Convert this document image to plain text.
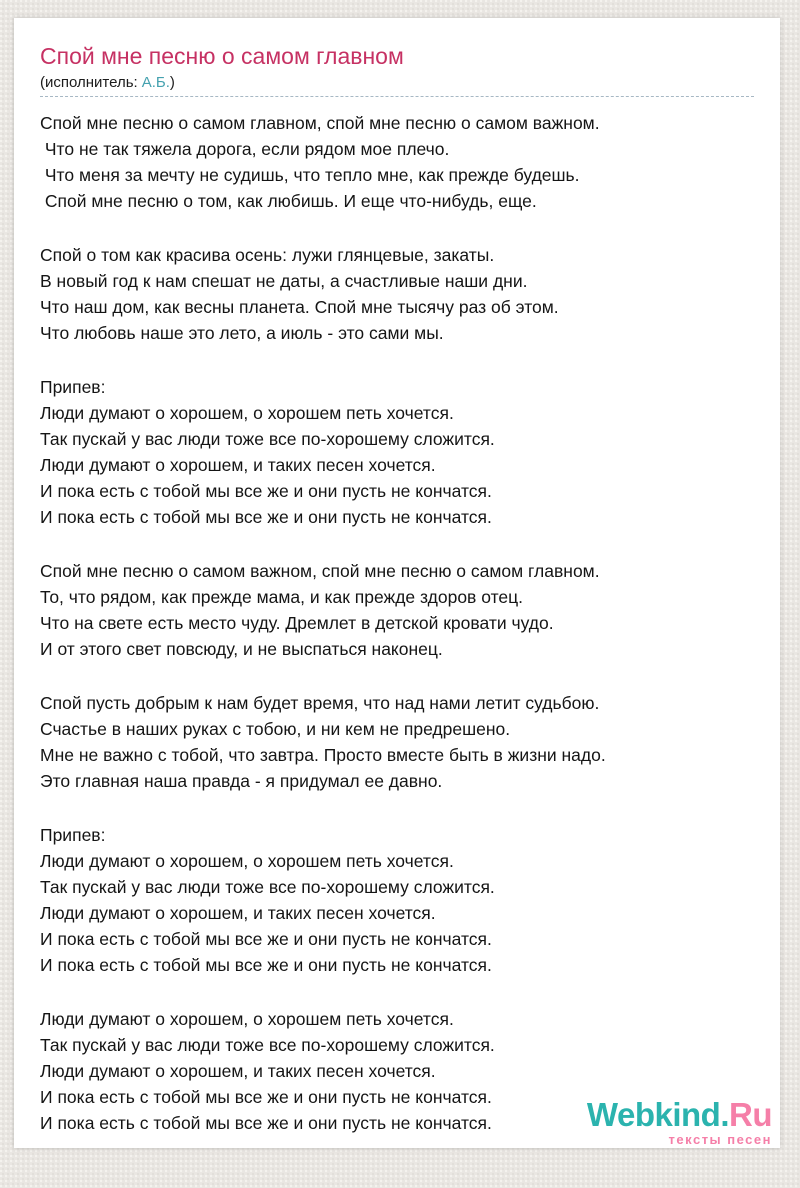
Спой мне песню о самом главном
(исполнитель: А.Б.)
Спой мне песню о самом главном, спой мне песню о самом важном.
Что не так тяжела дорога, если рядом мое плечо.
Что меня за мечту не судишь, что тепло мне, как прежде будешь.
Спой мне песню о том, как любишь. И еще что-нибудь, еще.
Спой о том как красива осень: лужи глянцевые, закаты.
В новый год к нам спешат не даты, а счастливые наши дни.
Что наш дом, как весны планета. Спой мне тысячу раз об этом.
Что любовь наше это лето, а июль - это сами мы.
Припев:
Люди думают о хорошем, о хорошем петь хочется.
Так пускай у вас люди тоже все по-хорошему сложится.
Люди думают о хорошем, и таких песен хочется.
И пока есть с тобой мы все же и они пусть не кончатся.
И пока есть с тобой мы все же и они пусть не кончатся.
Спой мне песню о самом важном, спой мне песню о самом главном.
То, что рядом, как прежде мама, и как прежде здоров отец.
Что на свете есть место чуду. Дремлет в детской кровати чудо.
И от этого свет повсюду, и не выспаться наконец.
Спой пусть добрым к нам будет время, что над нами летит судьбою.
Счастье в наших руках с тобою, и ни кем не предрешено.
Мне не важно с тобой, что завтра. Просто вместе быть в жизни надо.
Это главная наша правда - я придумал ее давно.
Припев:
Люди думают о хорошем, о хорошем петь хочется.
Так пускай у вас люди тоже все по-хорошему сложится.
Люди думают о хорошем, и таких песен хочется.
И пока есть с тобой мы все же и они пусть не кончатся.
И пока есть с тобой мы все же и они пусть не кончатся.
Люди думают о хорошем, о хорошем петь хочется.
Так пускай у вас люди тоже все по-хорошему сложится.
Люди думают о хорошем, и таких песен хочется.
И пока есть с тобой мы все же и они пусть не кончатся.
И пока есть с тобой мы все же и они пусть не кончатся.	Webkind.Ru
тексты песен
